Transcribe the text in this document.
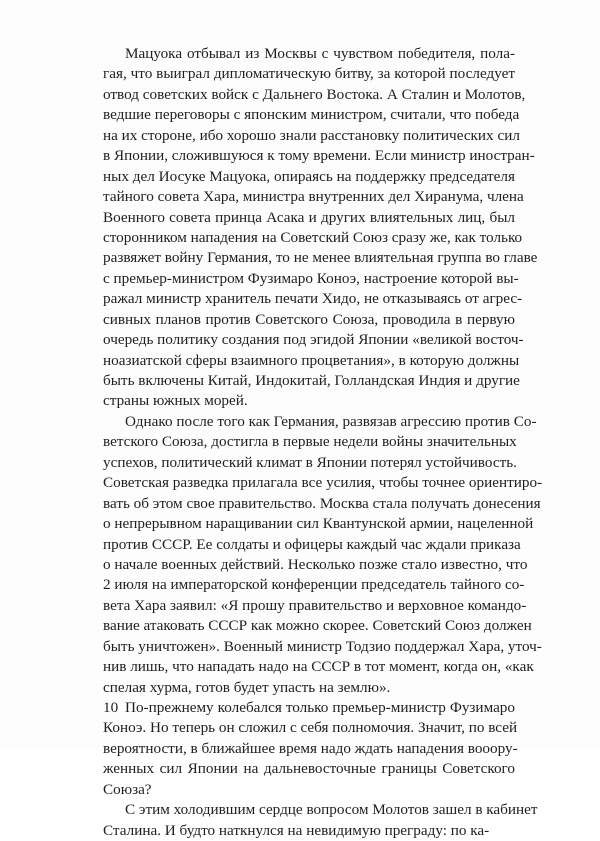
Мацуока отбывал из Москвы с чувством победителя, пола-
гая, что выиграл дипломатическую битву, за которой последует
отвод советских войск с Дальнего Востока. А Сталин и Молотов,
ведшие переговоры с японским министром, считали, что победа
на их стороне, ибо хорошо знали расстановку политических сил
в Японии, сложившуюся к тому времени. Если министр иностран-
ных дел Иосуке Мацуока, опираясь на поддержку председателя
тайного совета Хара, министра внутренних дел Хиранума, члена
Военного совета принца Асака и других влиятельных лиц, был
сторонником нападения на Советский Союз сразу же, как только
развяжет войну Германия, то не менее влиятельная группа во главе
с премьер-министром Фузимаро Коноэ, настроение которой вы-
ражал министр хранитель печати Хидо, не отказываясь от агрес-
сивных планов против Советского Союза, проводила в первую
очередь политику создания под эгидой Японии «великой восточ-
ноазиатской сферы взаимного процветания», в которую должны
быть включены Китай, Индокитай, Голландская Индия и другие
страны южных морей.
Однако после того как Германия, развязав агрессию против Со-
ветского Союза, достигла в первые недели войны значительных
успехов, политический климат в Японии потерял устойчивость.
Советская разведка прилагала все усилия, чтобы точнее ориентиро-
вать об этом свое правительство. Москва стала получать донесения
о непрерывном наращивании сил Квантунской армии, нацеленной
против СССР. Ее солдаты и офицеры каждый час ждали приказа
о начале военных действий. Несколько позже стало известно, что
2 июля на императорской конференции председатель тайного со-
вета Хара заявил: «Я прошу правительство и верховное командо-
вание атаковать СССР как можно скорее. Советский Союз должен
быть уничтожен». Военный министр Тодзио поддержал Хара, уточ-
нив лишь, что нападать надо на СССР в тот момент, когда он, «как
спелая хурма, готов будет упасть на землю».
По-прежнему колебался только премьер-министр Фузимаро
Коноэ. Но теперь он сложил с себя полномочия. Значит, по всей
вероятности, в ближайшее время надо ждать нападения вооору-
женных сил Японии на дальневосточные границы Советского
Союза?
С этим холодившим сердце вопросом Молотов зашел в кабинет
Сталина. И будто наткнулся на невидимую преграду: по ка-
10
